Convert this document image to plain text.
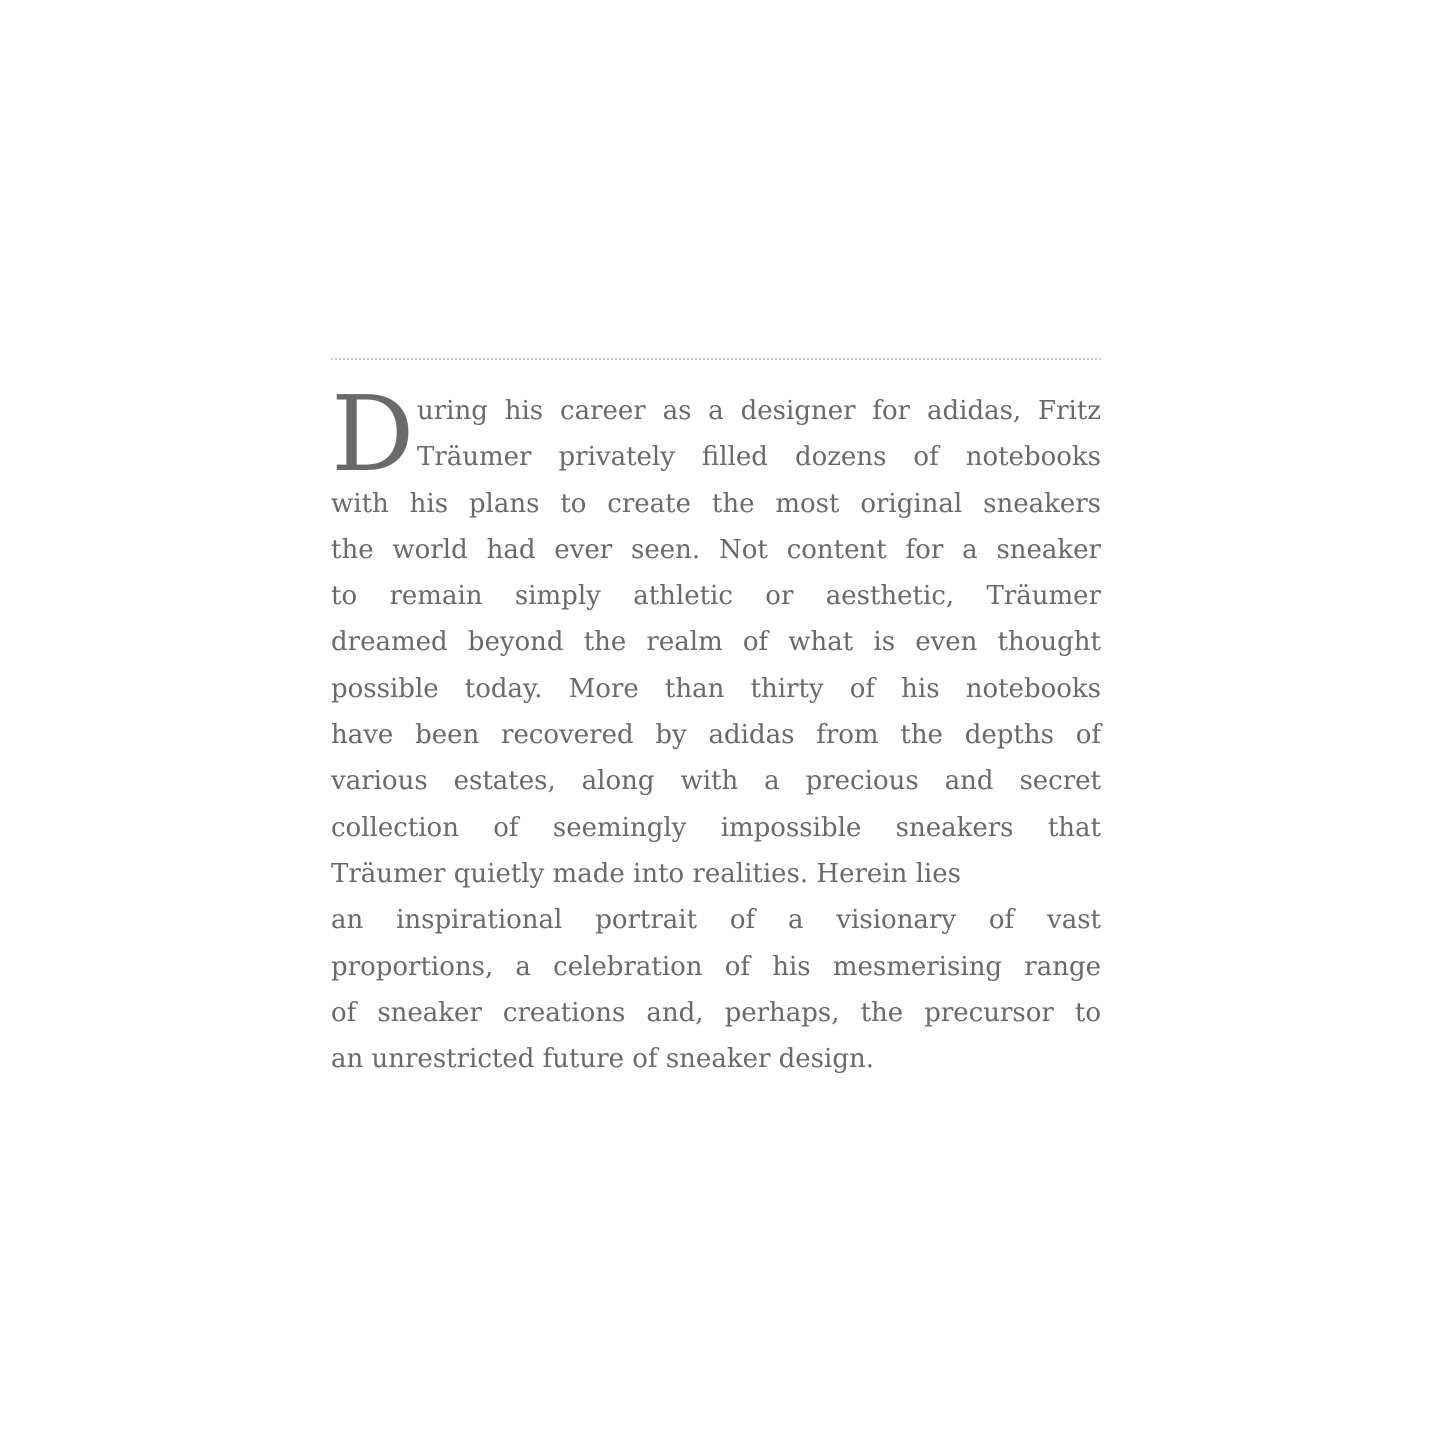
D uring his career as a designer for adidas, Fritz
Träumer privately filled dozens of notebooks
with his plans to create the most original sneakers
the world had ever seen. Not content for a sneaker
to remain simply athletic or aesthetic, Träumer
dreamed beyond the realm of what is even thought
possible today. More than thirty of his notebooks
have been recovered by adidas from the depths of
various estates, along with a precious and secret
collection of seemingly impossible sneakers that
Träumer quietly made into realities. Herein lies
an inspirational portrait of a visionary of vast
proportions, a celebration of his mesmerising range
of sneaker creations and, perhaps, the precursor to
an unrestricted future of sneaker design.
